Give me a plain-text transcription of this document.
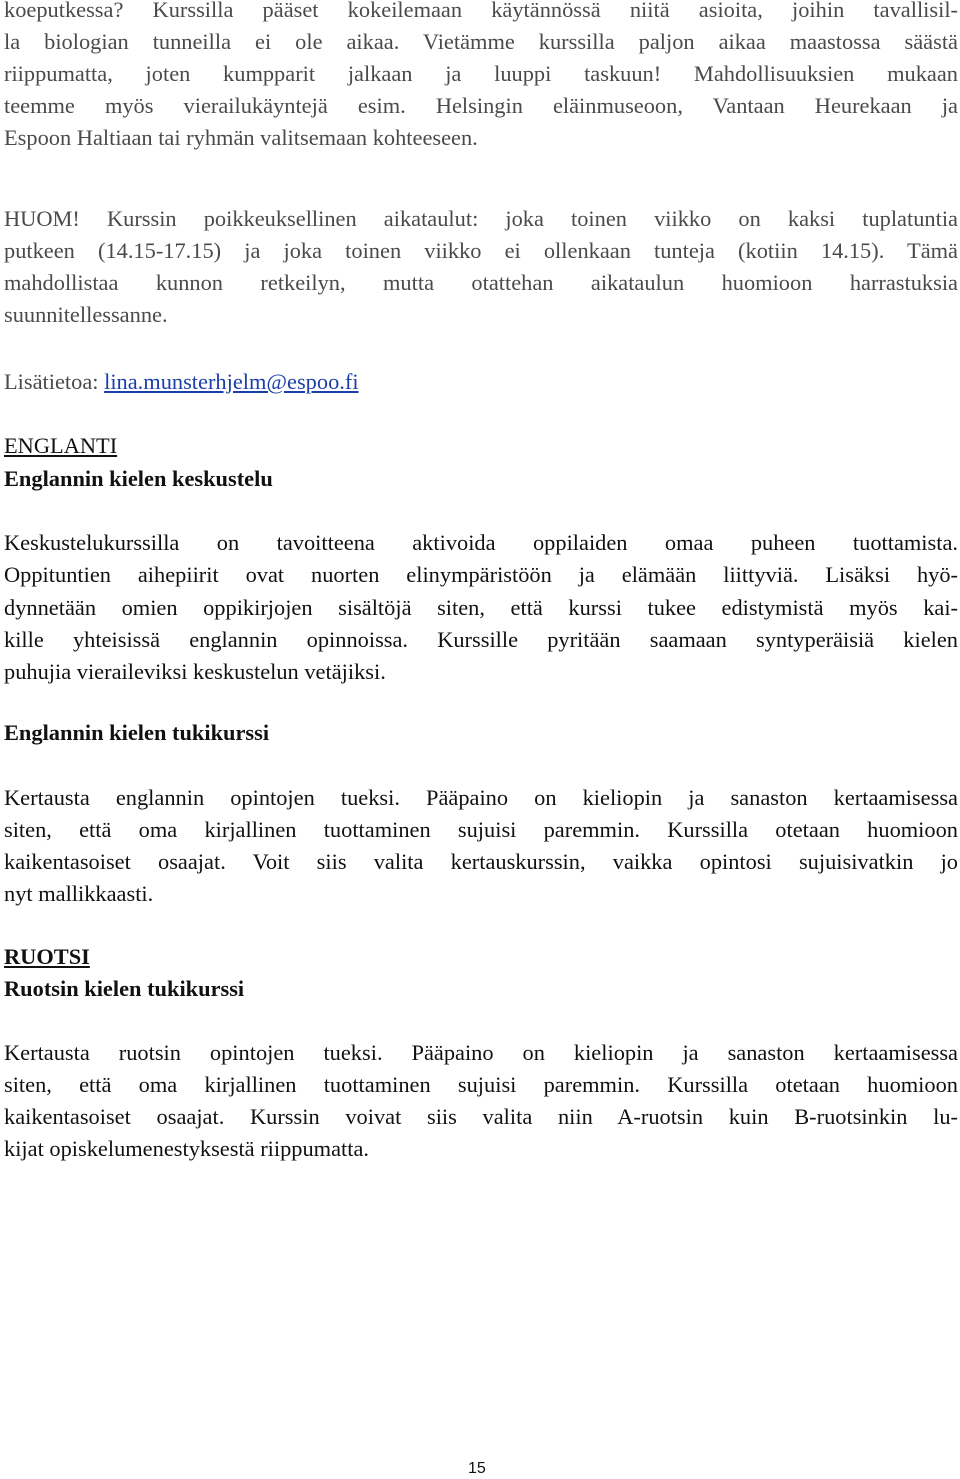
koeputkessa? Kurssilla pääset kokeilemaan käytännössä niitä asioita, joihin tavallisil-
la biologian tunneilla ei ole aikaa. Vietämme kurssilla paljon aikaa maastossa säästä
riippumatta, joten kumpparit jalkaan ja luuppi taskuun! Mahdollisuuksien mukaan
teemme myös vierailukäyntejä esim. Helsingin eläinmuseoon, Vantaan Heurekaan ja
Espoon Haltiaan tai ryhmän valitsemaan kohteeseen.
HUOM! Kurssin poikkeuksellinen aikataulut: joka toinen viikko on kaksi tuplatuntia
putkeen (14.15-17.15) ja joka toinen viikko ei ollenkaan tunteja (kotiin 14.15). Tämä
mahdollistaa kunnon retkeilyn, mutta otattehan aikataulun huomioon harrastuksia
suunnitellessanne.
Lisätietoa: lina.munsterhjelm@espoo.fi
ENGLANTI
Englannin kielen keskustelu
Keskustelukurssilla on tavoitteena aktivoida oppilaiden omaa puheen tuottamista.
Oppituntien aihepiirit ovat nuorten elinympäristöön ja elämään liittyviä. Lisäksi hyö-
dynnetään omien oppikirjojen sisältöjä siten, että kurssi tukee edistymistä myös kai-
kille yhteisissä englannin opinnoissa. Kurssille pyritään saamaan syntyperäisiä kielen
puhujia vieraileviksi keskustelun vetäjiksi.
Englannin kielen tukikurssi
Kertausta englannin opintojen tueksi. Pääpaino on kieliopin ja sanaston kertaamisessa
siten, että oma kirjallinen tuottaminen sujuisi paremmin. Kurssilla otetaan huomioon
kaikentasoiset osaajat. Voit siis valita kertauskurssin, vaikka opintosi sujuisivatkin jo
nyt mallikkaasti.
RUOTSI
Ruotsin kielen tukikurssi
Kertausta ruotsin opintojen tueksi. Pääpaino on kieliopin ja sanaston kertaamisessa
siten, että oma kirjallinen tuottaminen sujuisi paremmin. Kurssilla otetaan huomioon
kaikentasoiset osaajat. Kurssin voivat siis valita niin A-ruotsin kuin B-ruotsinkin lu-
kijat opiskelumenestyksestä riippumatta.
15
